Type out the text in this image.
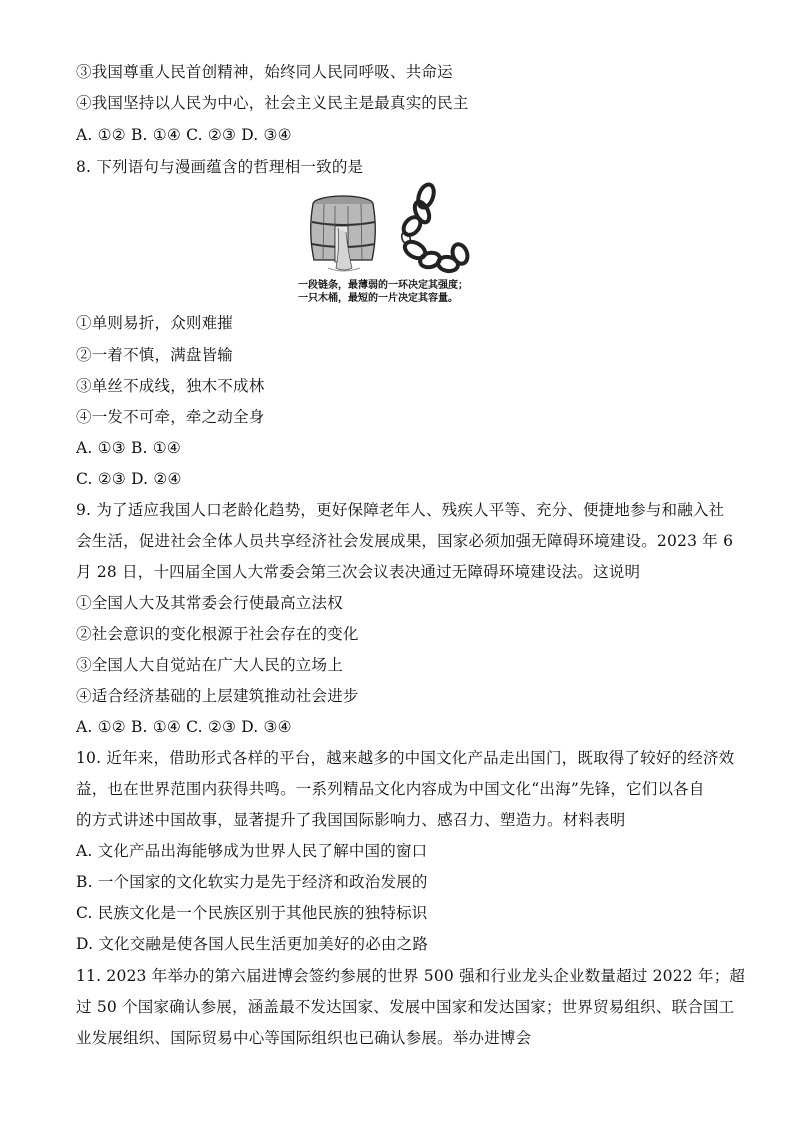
③我国尊重人民首创精神，始终同人民同呼吸、共命运
④我国坚持以人民为中心，社会主义民主是最真实的民主
A. ①② B. ①④ C. ②③ D. ③④
8. 下列语句与漫画蕴含的哲理相一致的是
一段链条，最薄弱的一环决定其强度；
一只木桶，最短的一片决定其容量。
①单则易折，众则难摧
②一着不慎，满盘皆输
③单丝不成线，独木不成林
④一发不可牵，牵之动全身
A. ①③ B. ①④
C. ②③ D. ②④
9. 为了适应我国人口老龄化趋势，更好保障老年人、残疾人平等、充分、便捷地参与和融入社
会生活，促进社会全体人员共享经济社会发展成果，国家必须加强无障碍环境建设。2023 年 6
月 28 日，十四届全国人大常委会第三次会议表决通过无障碍环境建设法。这说明
①全国人大及其常委会行使最高立法权
②社会意识的变化根源于社会存在的变化
③全国人大自觉站在广大人民的立场上
④适合经济基础的上层建筑推动社会进步
A. ①② B. ①④ C. ②③ D. ③④
10. 近年来，借助形式各样的平台，越来越多的中国文化产品走出国门，既取得了较好的经济效
益，也在世界范围内获得共鸣。一系列精品文化内容成为中国文化“出海”先锋，它们以各自
的方式讲述中国故事，显著提升了我国国际影响力、感召力、塑造力。材料表明
A. 文化产品出海能够成为世界人民了解中国的窗口
B. 一个国家的文化软实力是先于经济和政治发展的
C. 民族文化是一个民族区别于其他民族的独特标识
D. 文化交融是使各国人民生活更加美好的必由之路
11. 2023 年举办的第六届进博会签约参展的世界 500 强和行业龙头企业数量超过 2022 年；超
过 50 个国家确认参展，涵盖最不发达国家、发展中国家和发达国家；世界贸易组织、联合国工
业发展组织、国际贸易中心等国际组织也已确认参展。举办进博会
